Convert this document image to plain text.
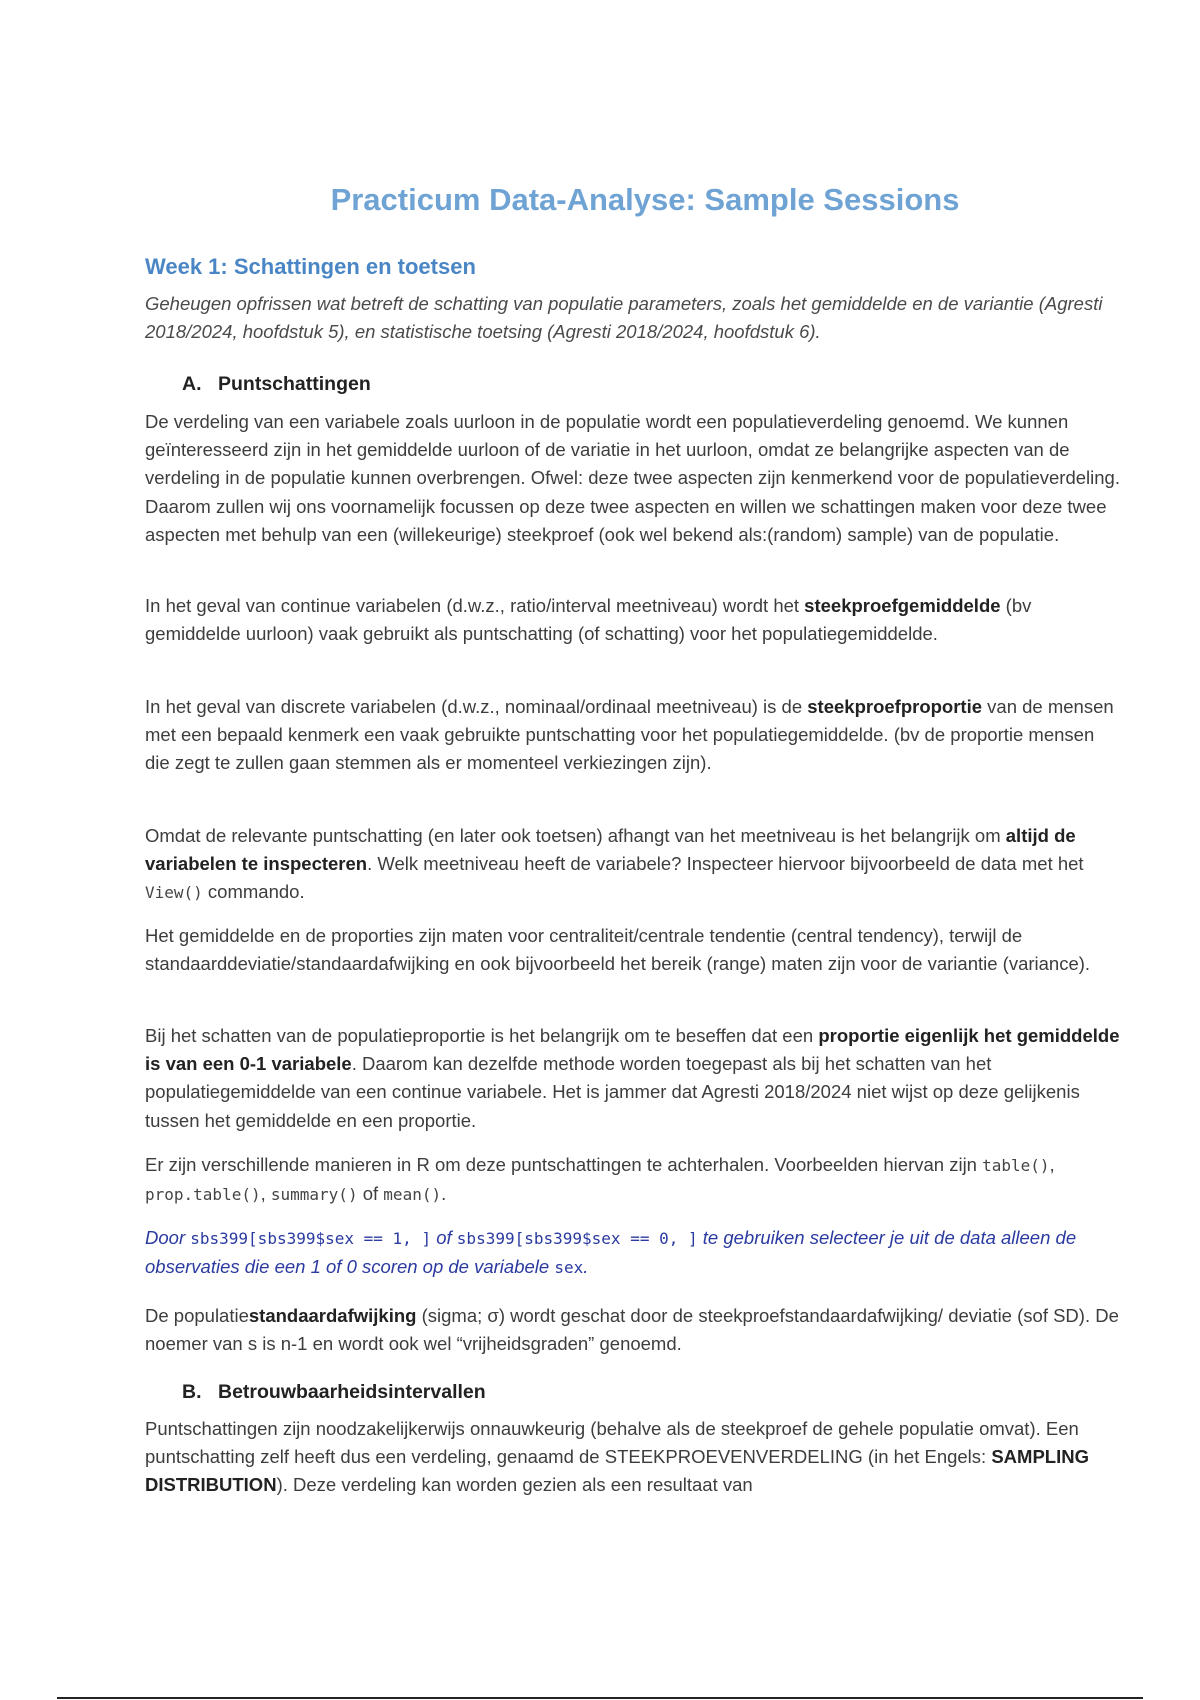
Practicum Data-Analyse: Sample Sessions
Week 1: Schattingen en toetsen

Geheugen opfrissen wat betreft de schatting van populatie parameters, zoals het gemiddelde en de variantie (Agresti 2018/2024, hoofdstuk 5), en statistische toetsing (Agresti 2018/2024, hoofdstuk 6).

A. Puntschattingen

De verdeling van een variabele zoals uurloon in de populatie wordt een populatieverdeling genoemd. We kunnen geïnteresseerd zijn in het gemiddelde uurloon of de variatie in het uurloon, omdat ze belangrijke aspecten van de verdeling in de populatie kunnen overbrengen. Ofwel: deze twee aspecten zijn kenmerkend voor de populatieverdeling. Daarom zullen wij ons voornamelijk focussen op deze twee aspecten en willen we schattingen maken voor deze twee aspecten met behulp van een (willekeurige) steekproef (ook wel bekend als:(random) sample) van de populatie.

In het geval van continue variabelen (d.w.z., ratio/interval meetniveau) wordt het steekproefgemiddelde (bv gemiddelde uurloon) vaak gebruikt als puntschatting (of schatting) voor het populatiegemiddelde.

In het geval van discrete variabelen (d.w.z., nominaal/ordinaal meetniveau) is de steekproefproportie van de mensen met een bepaald kenmerk een vaak gebruikte puntschatting voor het populatiegemiddelde. (bv de proportie mensen die zegt te zullen gaan stemmen als er momenteel verkiezingen zijn).

Omdat de relevante puntschatting (en later ook toetsen) afhangt van het meetniveau is het belangrijk om altijd de variabelen te inspecteren. Welk meetniveau heeft de variabele? Inspecteer hiervoor bijvoorbeeld de data met het View() commando.

Het gemiddelde en de proporties zijn maten voor centraliteit/centrale tendentie (central tendency), terwijl de standaarddeviatie/standaardafwijking en ook bijvoorbeeld het bereik (range) maten zijn voor de variantie (variance).

Bij het schatten van de populatieproportie is het belangrijk om te beseffen dat een proportie eigenlijk het gemiddelde is van een 0-1 variabele. Daarom kan dezelfde methode worden toegepast als bij het schatten van het populatiegemiddelde van een continue variabele. Het is jammer dat Agresti 2018/2024 niet wijst op deze gelijkenis tussen het gemiddelde en een proportie.

Er zijn verschillende manieren in R om deze puntschattingen te achterhalen. Voorbeelden hiervan zijn table(), prop.table(), summary() of mean().

Door sbs399[sbs399$sex == 1, ] of sbs399[sbs399$sex == 0, ] te gebruiken selecteer je uit de data alleen de observaties die een 1 of 0 scoren op de variabele sex.

De populatiestandaardafwijking (sigma; σ) wordt geschat door de steekproefstandaardafwijking/ deviatie (sof SD). De noemer van s is n-1 en wordt ook wel “vrijheidsgraden” genoemd.

B. Betrouwbaarheidsintervallen

Puntschattingen zijn noodzakelijkerwijs onnauwkeurig (behalve als de steekproef de gehele populatie omvat). Een puntschatting zelf heeft dus een verdeling, genaamd de STEEKPROEVENVERDELING (in het Engels: SAMPLING DISTRIBUTION). Deze verdeling kan worden gezien als een resultaat van
